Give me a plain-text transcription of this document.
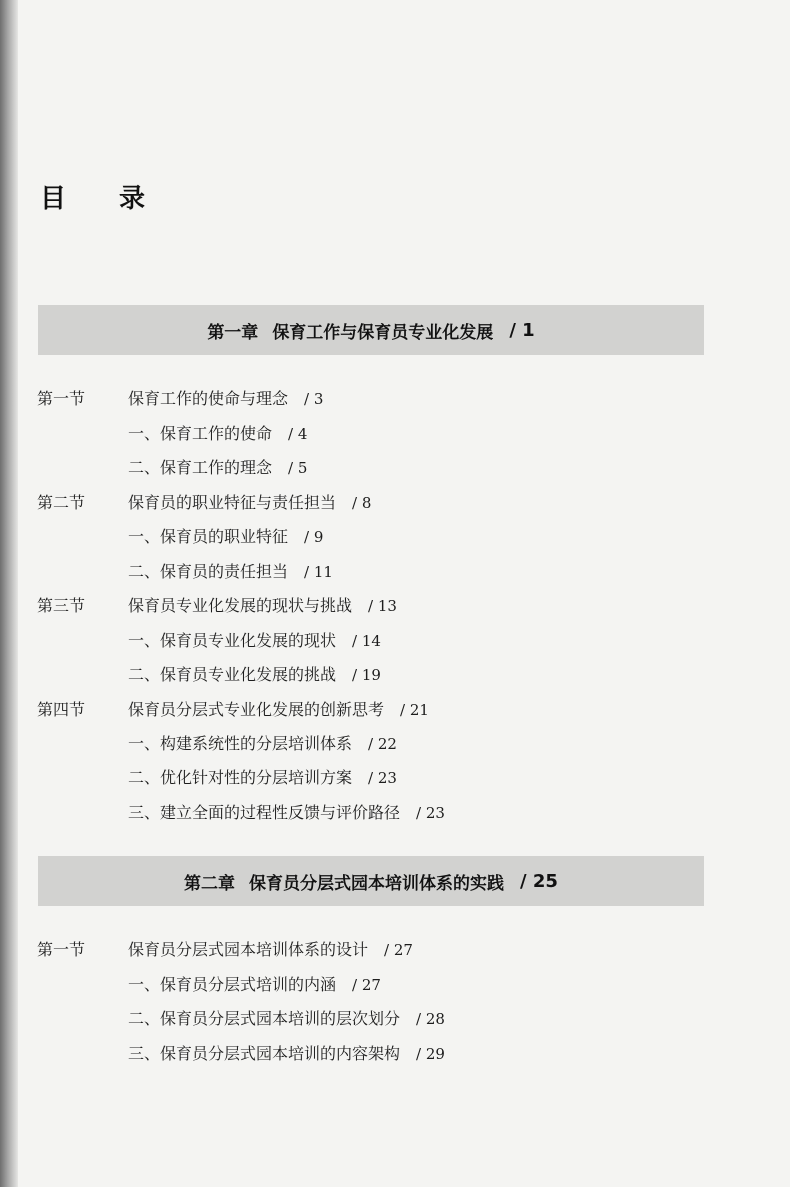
目 录
第一章 保育工作与保育员专业化发展 / 1
第一节	保育工作的使命与理念 / 3
一、保育工作的使命 / 4
二、保育工作的理念 / 5
第二节	保育员的职业特征与责任担当 / 8
一、保育员的职业特征 / 9
二、保育员的责任担当 / 11
第三节	保育员专业化发展的现状与挑战 / 13
一、保育员专业化发展的现状 / 14
二、保育员专业化发展的挑战 / 19
第四节	保育员分层式专业化发展的创新思考 / 21
一、构建系统性的分层培训体系 / 22
二、优化针对性的分层培训方案 / 23
三、建立全面的过程性反馈与评价路径 / 23
第二章 保育员分层式园本培训体系的实践 / 25
第一节	保育员分层式园本培训体系的设计 / 27
一、保育员分层式培训的内涵 / 27
二、保育员分层式园本培训的层次划分 / 28
三、保育员分层式园本培训的内容架构 / 29
